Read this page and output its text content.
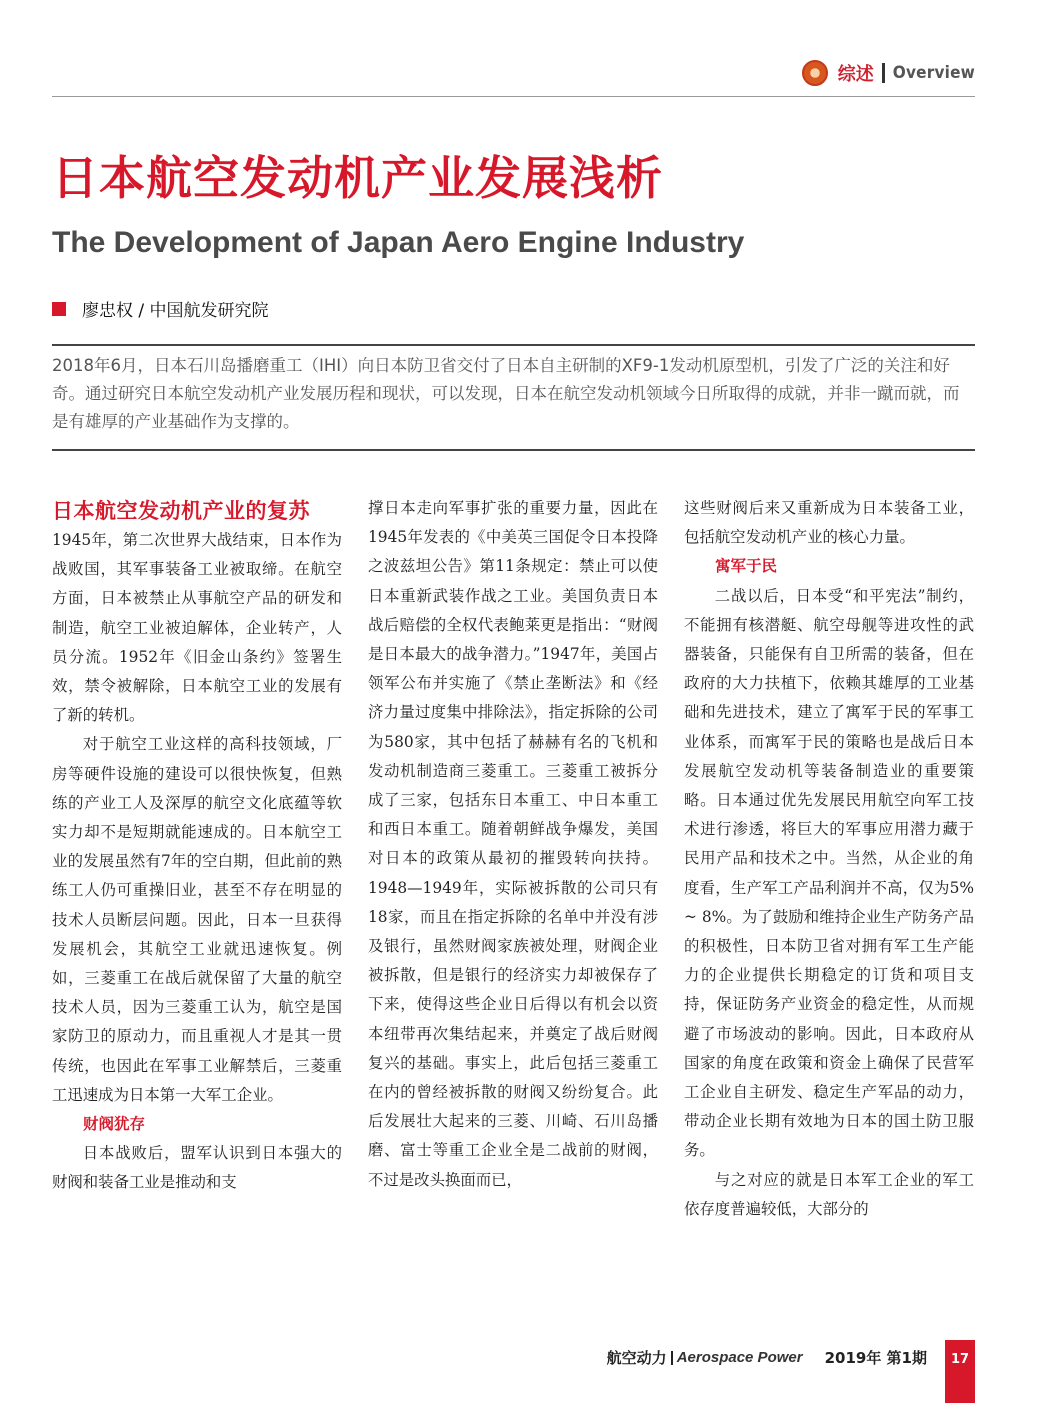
综述 Overview
日本航空发动机产业发展浅析
The Development of Japan Aero Engine Industry
廖忠权 / 中国航发研究院

2018年6月，日本石川岛播磨重工（IHI）向日本防卫省交付了日本自主研制的XF9-1发动机原型机，引发了广泛的关注和好奇。通过研究日本航空发动机产业发展历程和现状，可以发现，日本在航空发动机领域今日所取得的成就，并非一蹴而就，而是有雄厚的产业基础作为支撑的。

日本航空发动机产业的复苏

1945年，第二次世界大战结束，日本作为战败国，其军事装备工业被取缔。在航空方面，日本被禁止从事航空产品的研发和制造，航空工业被迫解体，企业转产，人员分流。1952年《旧金山条约》签署生效，禁令被解除，日本航空工业的发展有了新的转机。

对于航空工业这样的高科技领域，厂房等硬件设施的建设可以很快恢复，但熟练的产业工人及深厚的航空文化底蕴等软实力却不是短期就能速成的。日本航空工业的发展虽然有7年的空白期，但此前的熟练工人仍可重操旧业，甚至不存在明显的技术人员断层问题。因此，日本一旦获得发展机会，其航空工业就迅速恢复。例如，三菱重工在战后就保留了大量的航空技术人员，因为三菱重工认为，航空是国家防卫的原动力，而且重视人才是其一贯传统，也因此在军事工业解禁后，三菱重工迅速成为日本第一大军工企业。

财阀犹存

日本战败后，盟军认识到日本强大的财阀和装备工业是推动和支

撑日本走向军事扩张的重要力量，因此在1945年发表的《中美英三国促令日本投降之波兹坦公告》第11条规定：禁止可以使日本重新武装作战之工业。美国负责日本战后赔偿的全权代表鲍莱更是指出：“财阀是日本最大的战争潜力。”1947年，美国占领军公布并实施了《禁止垄断法》和《经济力量过度集中排除法》，指定拆除的公司为580家，其中包括了赫赫有名的飞机和发动机制造商三菱重工。三菱重工被拆分成了三家，包括东日本重工、中日本重工和西日本重工。随着朝鲜战争爆发，美国对日本的政策从最初的摧毁转向扶持。1948—1949年，实际被拆散的公司只有18家，而且在指定拆除的名单中并没有涉及银行，虽然财阀家族被处理，财阀企业被拆散，但是银行的经济实力却被保存了下来，使得这些企业日后得以有机会以资本纽带再次集结起来，并奠定了战后财阀复兴的基础。事实上，此后包括三菱重工在内的曾经被拆散的财阀又纷纷复合。此后发展壮大起来的三菱、川崎、石川岛播磨、富士等重工企业全是二战前的财阀，不过是改头换面而已，

这些财阀后来又重新成为日本装备工业，包括航空发动机产业的核心力量。

寓军于民

二战以后，日本受“和平宪法”制约，不能拥有核潜艇、航空母舰等进攻性的武器装备，只能保有自卫所需的装备，但在政府的大力扶植下，依赖其雄厚的工业基础和先进技术，建立了寓军于民的军事工业体系，而寓军于民的策略也是战后日本发展航空发动机等装备制造业的重要策略。日本通过优先发展民用航空向军工技术进行渗透，将巨大的军事应用潜力藏于民用产品和技术之中。当然，从企业的角度看，生产军工产品利润并不高，仅为5% ~ 8%。为了鼓励和维持企业生产防务产品的积极性，日本防卫省对拥有军工生产能力的企业提供长期稳定的订货和项目支持，保证防务产业资金的稳定性，从而规避了市场波动的影响。因此，日本政府从国家的角度在政策和资金上确保了民营军工企业自主研发、稳定生产军品的动力，带动企业长期有效地为日本的国土防卫服务。

与之对应的就是日本军工企业的军工依存度普遍较低，大部分的

航空动力 Aerospace Power 2019年 第1期	17
